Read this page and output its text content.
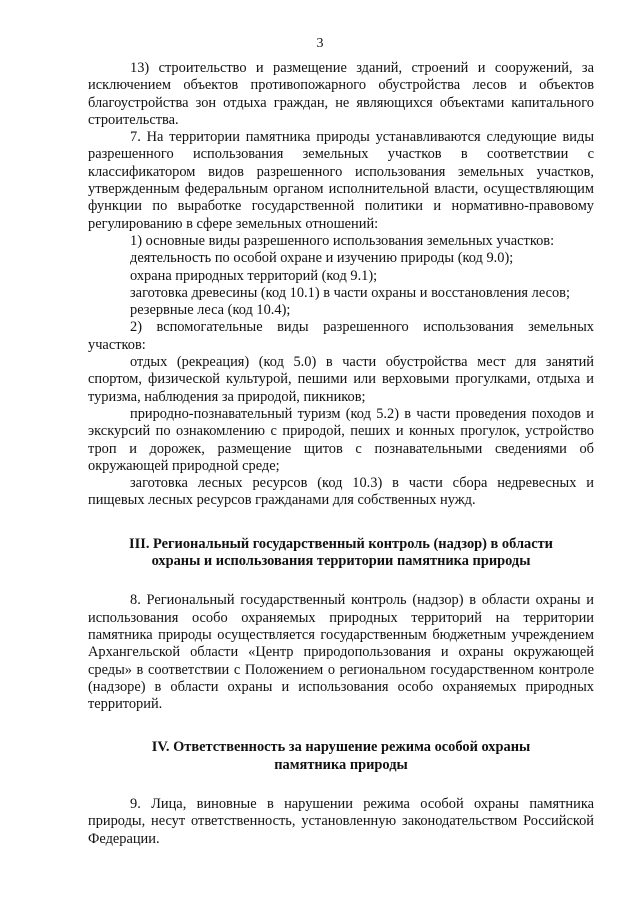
3

13) строительство и размещение зданий, строений и сооружений, за исключением объектов противопожарного обустройства лесов и объектов благоустройства зон отдыха граждан, не являющихся объектами капитального строительства.

7. На территории памятника природы устанавливаются следующие виды разрешенного использования земельных участков в соответствии с классификатором видов разрешенного использования земельных участков, утвержденным федеральным органом исполнительной власти, осуществляющим функции по выработке государственной политики и нормативно-правовому регулированию в сфере земельных отношений:

1) основные виды разрешенного использования земельных участков:

деятельность по особой охране и изучению природы (код 9.0);

охрана природных территорий (код 9.1);

заготовка древесины (код 10.1) в части охраны и восстановления лесов;

резервные леса (код 10.4);

2) вспомогательные виды разрешенного использования земельных участков:

отдых (рекреация) (код 5.0) в части обустройства мест для занятий спортом, физической культурой, пешими или верховыми прогулками, отдыха и туризма, наблюдения за природой, пикников;

природно-познавательный туризм (код 5.2) в части проведения походов и экскурсий по ознакомлению с природой, пеших и конных прогулок, устройство троп и дорожек, размещение щитов с познавательными сведениями об окружающей природной среде;

заготовка лесных ресурсов (код 10.3) в части сбора недревесных и пищевых лесных ресурсов гражданами для собственных нужд.

III. Региональный государственный контроль (надзор) в области
охраны и использования территории памятника природы

8. Региональный государственный контроль (надзор) в области охраны и использования особо охраняемых природных территорий на территории памятника природы осуществляется государственным бюджетным учреждением Архангельской области «Центр природопользования и охраны окружающей среды» в соответствии с Положением о региональном государственном контроле (надзоре) в области охраны и использования особо охраняемых природных территорий.

IV. Ответственность за нарушение режима особой охраны
памятника природы

9. Лица, виновные в нарушении режима особой охраны памятника природы, несут ответственность, установленную законодательством Российской Федерации.
